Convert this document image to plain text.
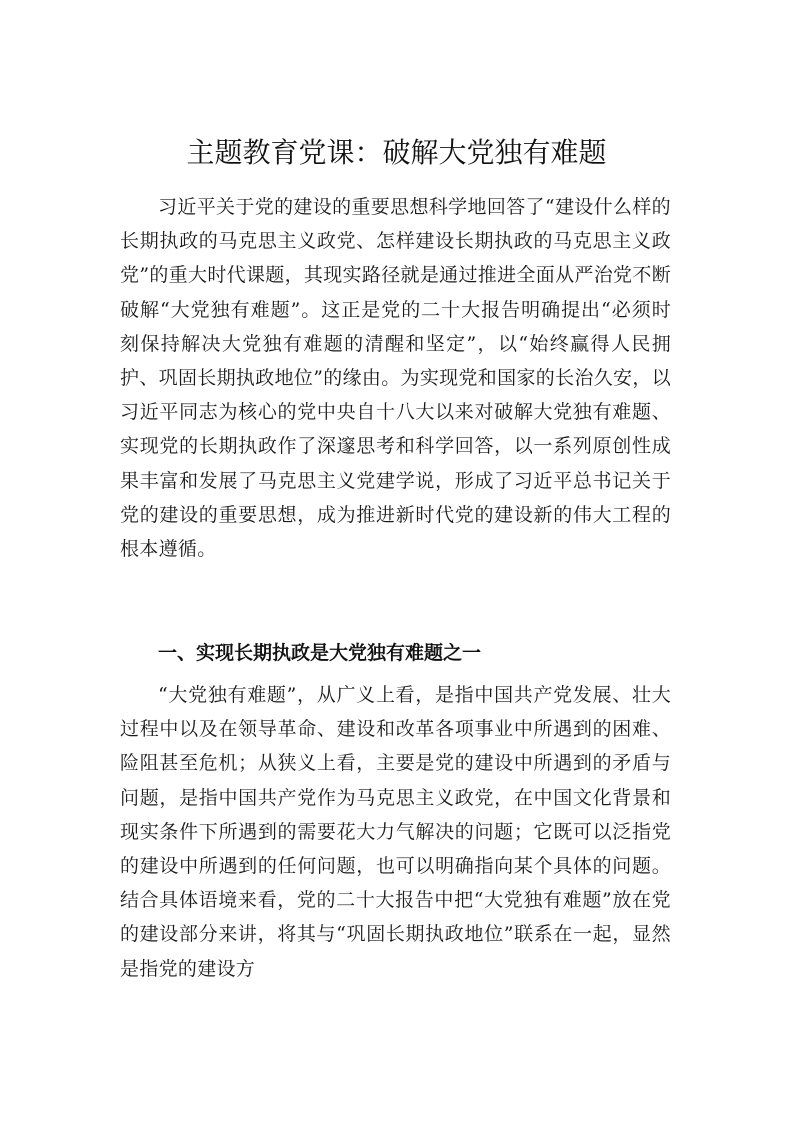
主题教育党课：破解大党独有难题

习近平关于党的建设的重要思想科学地回答了“建设什么样的长期执政的马克思主义政党、怎样建设长期执政的马克思主义政党”的重大时代课题，其现实路径就是通过推进全面从严治党不断破解“大党独有难题”。这正是党的二十大报告明确提出“必须时刻保持解决大党独有难题的清醒和坚定”，以“始终赢得人民拥护、巩固长期执政地位”的缘由。为实现党和国家的长治久安，以习近平同志为核心的党中央自十八大以来对破解大党独有难题、实现党的长期执政作了深邃思考和科学回答，以一系列原创性成果丰富和发展了马克思主义党建学说，形成了习近平总书记关于党的建设的重要思想，成为推进新时代党的建设新的伟大工程的根本遵循。

一、实现长期执政是大党独有难题之一

“大党独有难题”，从广义上看，是指中国共产党发展、壮大过程中以及在领导革命、建设和改革各项事业中所遇到的困难、险阻甚至危机；从狭义上看，主要是党的建设中所遇到的矛盾与问题，是指中国共产党作为马克思主义政党，在中国文化背景和现实条件下所遇到的需要花大力气解决的问题；它既可以泛指党的建设中所遇到的任何问题，也可以明确指向某个具体的问题。结合具体语境来看，党的二十大报告中把“大党独有难题”放在党的建设部分来讲，将其与“巩固长期执政地位”联系在一起，显然是指党的建设方
